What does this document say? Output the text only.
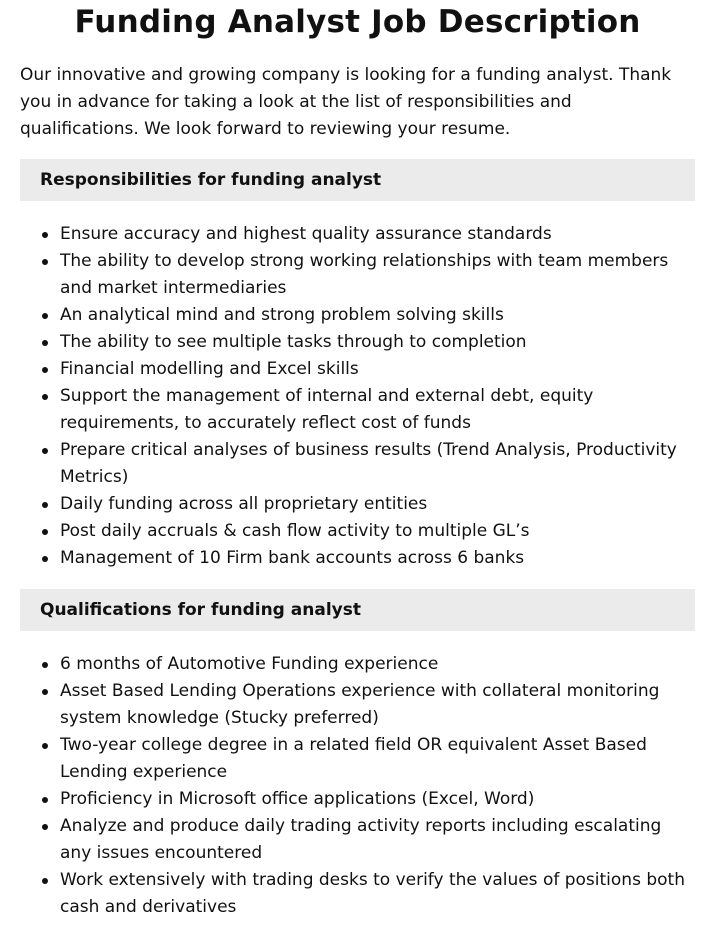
Funding Analyst Job Description

Our innovative and growing company is looking for a funding analyst. Thank you in advance for taking a look at the list of responsibilities and qualifications. We look forward to reviewing your resume.

Responsibilities for funding analyst
Ensure accuracy and highest quality assurance standards
The ability to develop strong working relationships with team members and market intermediaries
An analytical mind and strong problem solving skills
The ability to see multiple tasks through to completion
Financial modelling and Excel skills
Support the management of internal and external debt, equity requirements, to accurately reflect cost of funds
Prepare critical analyses of business results (Trend Analysis, Productivity Metrics)
Daily funding across all proprietary entities
Post daily accruals & cash flow activity to multiple GL’s
Management of 10 Firm bank accounts across 6 banks
Qualifications for funding analyst
6 months of Automotive Funding experience
Asset Based Lending Operations experience with collateral monitoring system knowledge (Stucky preferred)
Two-year college degree in a related field OR equivalent Asset Based Lending experience
Proficiency in Microsoft office applications (Excel, Word)
Analyze and produce daily trading activity reports including escalating any issues encountered
Work extensively with trading desks to verify the values of positions both cash and derivatives
